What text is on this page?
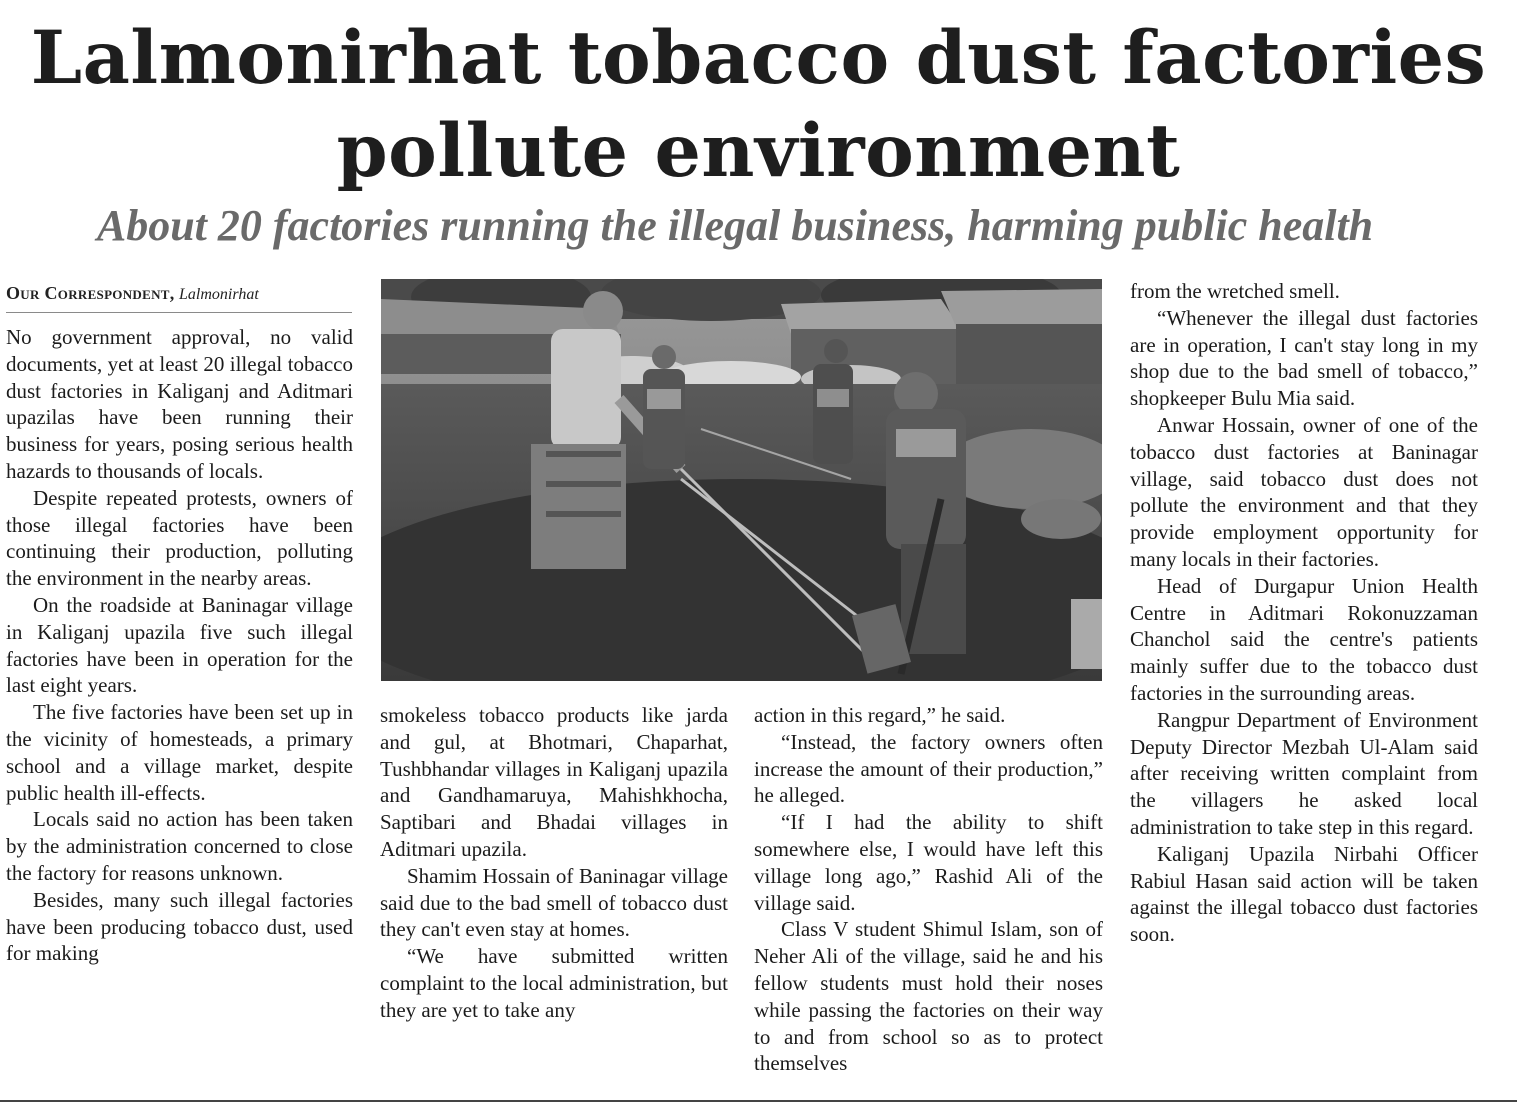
Lalmonirhat tobacco dust factories pollute environment
About 20 factories running the illegal business, harming public health
Our Correspondent, Lalmonirhat

No government approval, no valid documents, yet at least 20 illegal tobacco dust factories in Kaliganj and Aditmari upazilas have been running their business for years, posing serious health hazards to thousands of locals.

Despite repeated protests, owners of those illegal factories have been continuing their production, polluting the environment in the nearby areas.

On the roadside at Baninagar village in Kaliganj upazila five such illegal factories have been in operation for the last eight years.

The five factories have been set up in the vicinity of homesteads, a primary school and a village market, despite public health ill-effects.

Locals said no action has been taken by the administration concerned to close the factory for reasons unknown.

Besides, many such illegal factories have been producing tobacco dust, used for making

smokeless tobacco products like jarda and gul, at Bhotmari, Chaparhat, Tushbhandar villages in Kaliganj upazila and Gandhamaruya, Mahishkhocha, Saptibari and Bhadai villages in Aditmari upazila.

Shamim Hossain of Baninagar village said due to the bad smell of tobacco dust they can't even stay at homes.

“We have submitted written complaint to the local administration, but they are yet to take any

action in this regard,” he said.

“Instead, the factory owners often increase the amount of their production,” he alleged.

“If I had the ability to shift somewhere else, I would have left this village long ago,” Rashid Ali of the village said.

Class V student Shimul Islam, son of Neher Ali of the village, said he and his fellow students must hold their noses while passing the factories on their way to and from school so as to protect themselves

from the wretched smell.

“Whenever the illegal dust factories are in operation, I can't stay long in my shop due to the bad smell of tobacco,” shopkeeper Bulu Mia said.

Anwar Hossain, owner of one of the tobacco dust factories at Baninagar village, said tobacco dust does not pollute the environment and that they provide employment opportunity for many locals in their factories.

Head of Durgapur Union Health Centre in Aditmari Rokonuzzaman Chanchol said the centre's patients mainly suffer due to the tobacco dust factories in the surrounding areas.

Rangpur Department of Environment Deputy Director Mezbah Ul-Alam said after receiving written complaint from the villagers he asked local administration to take step in this regard.

Kaliganj Upazila Nirbahi Officer Rabiul Hasan said action will be taken against the illegal tobacco dust factories soon.
